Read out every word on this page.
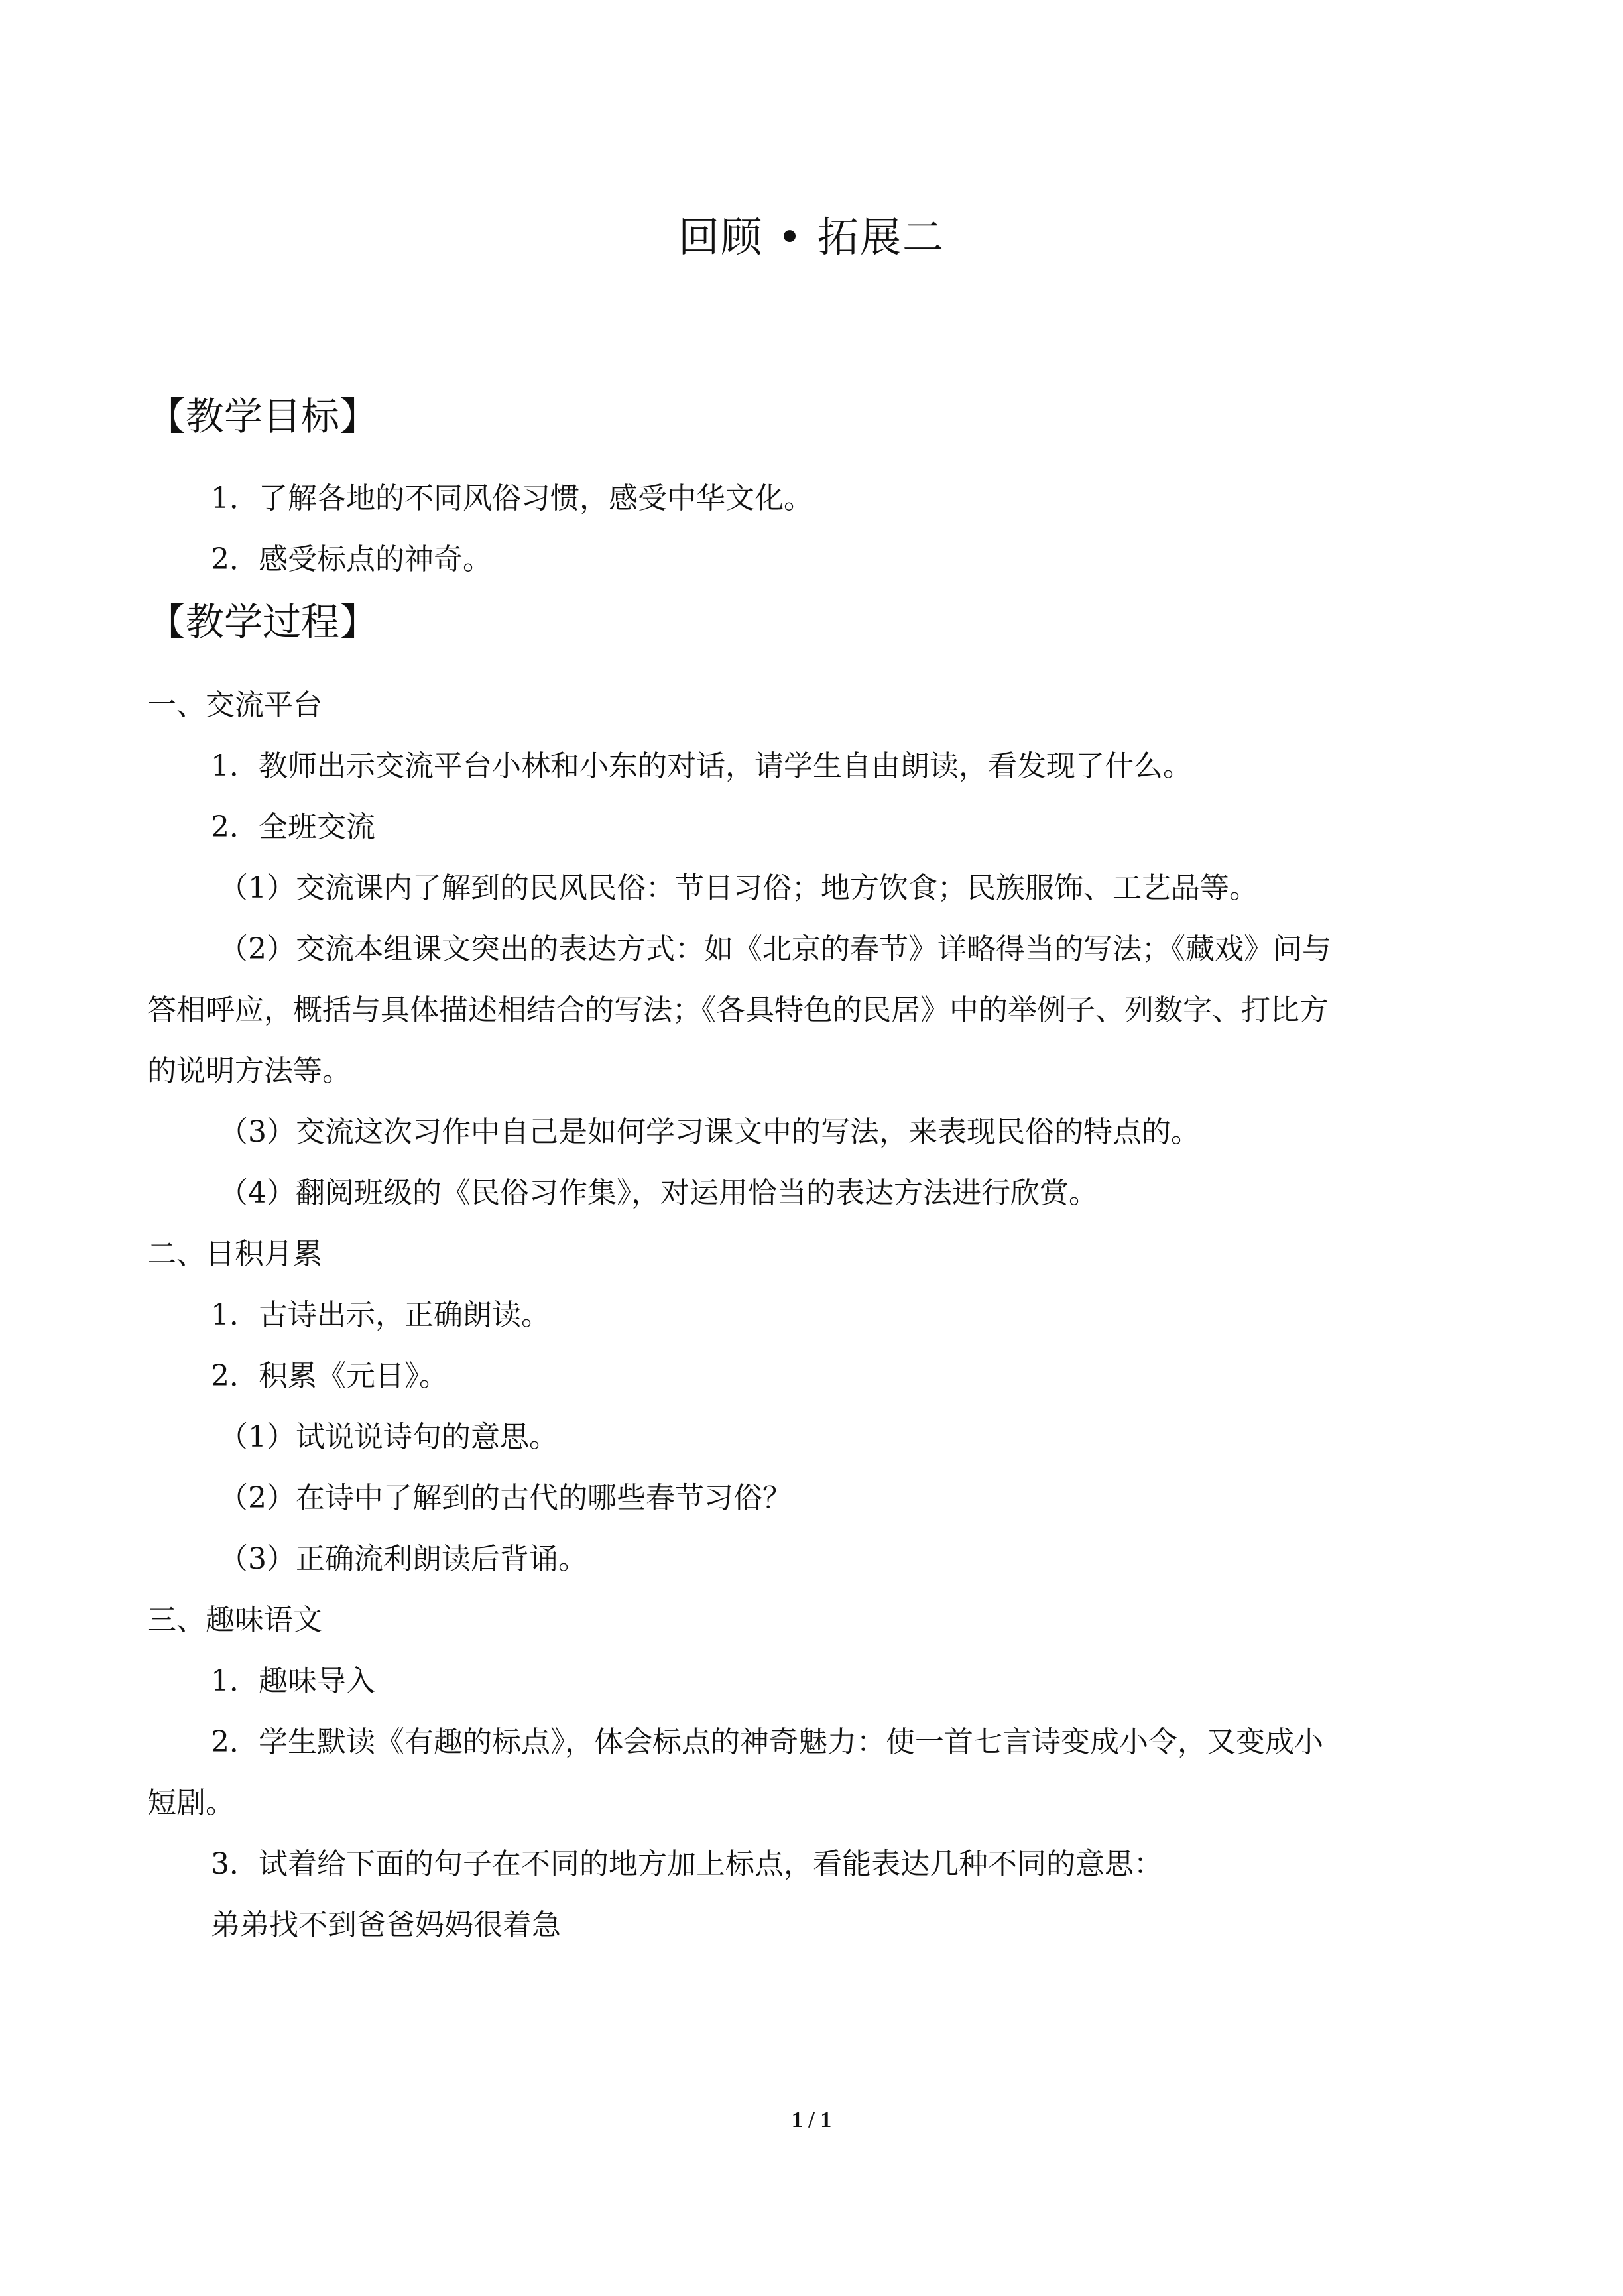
回顾 • 拓展二
【教学目标】
1．了解各地的不同风俗习惯，感受中华文化。
2．感受标点的神奇。
【教学过程】
一、交流平台
1．教师出示交流平台小林和小东的对话，请学生自由朗读，看发现了什么。
2．全班交流
（1）交流课内了解到的民风民俗：节日习俗；地方饮食；民族服饰、工艺品等。
（2）交流本组课文突出的表达方式：如《北京的春节》详略得当的写法；《藏戏》问与
答相呼应，概括与具体描述相结合的写法；《各具特色的民居》中的举例子、列数字、打比方
的说明方法等。
（3）交流这次习作中自己是如何学习课文中的写法，来表现民俗的特点的。
（4）翻阅班级的《民俗习作集》，对运用恰当的表达方法进行欣赏。
二、日积月累
1．古诗出示，正确朗读。
2．积累《元日》。
（1）试说说诗句的意思。
（2）在诗中了解到的古代的哪些春节习俗？
（3）正确流利朗读后背诵。
三、趣味语文
1．趣味导入
2．学生默读《有趣的标点》，体会标点的神奇魅力：使一首七言诗变成小令，又变成小
短剧。
3．试着给下面的句子在不同的地方加上标点，看能表达几种不同的意思：
弟弟找不到爸爸妈妈很着急
1 / 1
